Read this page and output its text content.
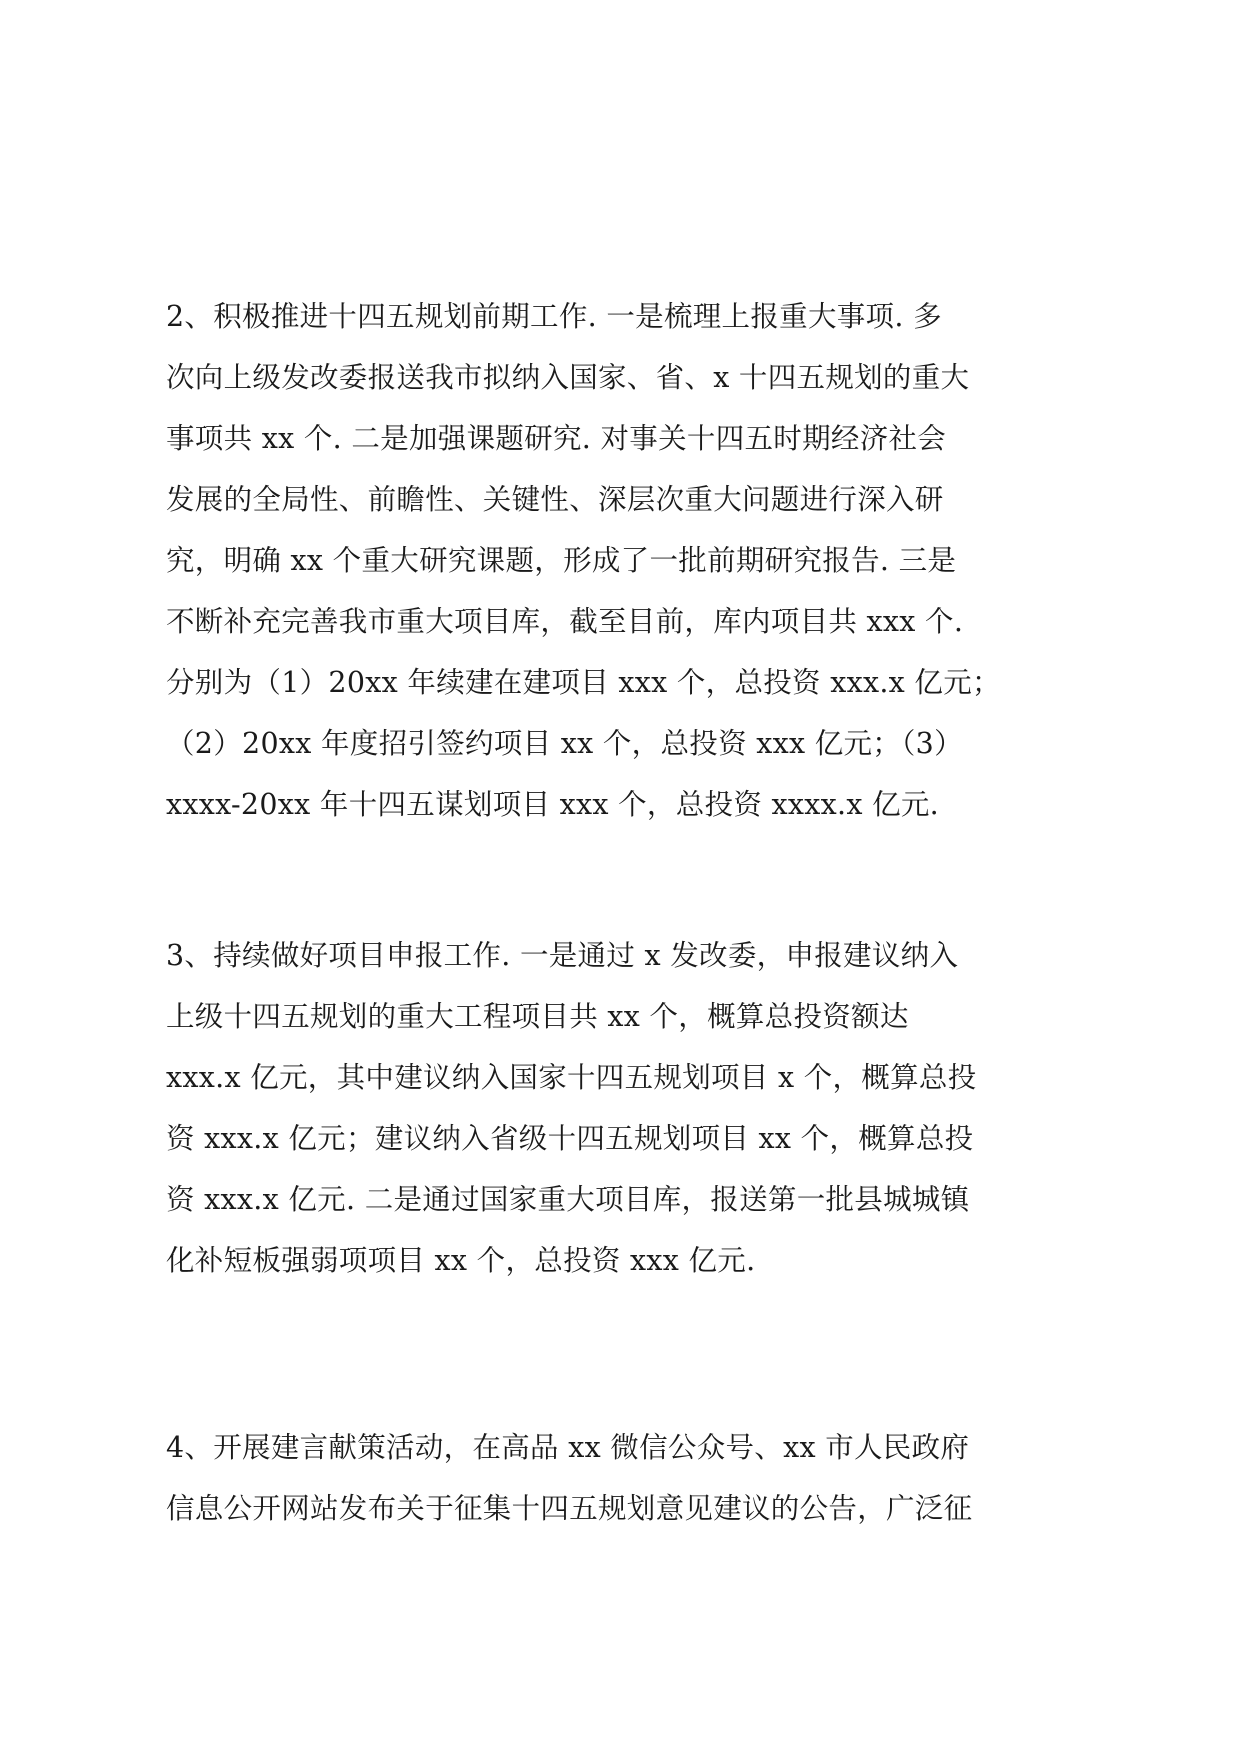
2、积极推进十四五规划前期工作. 一是梳理上报重大事项. 多
次向上级发改委报送我市拟纳入国家、省、x 十四五规划的重大
事项共 xx 个. 二是加强课题研究. 对事关十四五时期经济社会
发展的全局性、前瞻性、关键性、深层次重大问题进行深入研
究，明确 xx 个重大研究课题，形成了一批前期研究报告. 三是
不断补充完善我市重大项目库，截至目前，库内项目共 xxx 个.
分别为（1）20xx 年续建在建项目 xxx 个，总投资 xxx.x 亿元；
（2）20xx 年度招引签约项目 xx 个，总投资 xxx 亿元；（3）
xxxx-20xx 年十四五谋划项目 xxx 个，总投资 xxxx.x 亿元.
3、持续做好项目申报工作. 一是通过 x 发改委，申报建议纳入
上级十四五规划的重大工程项目共 xx 个，概算总投资额达
xxx.x 亿元，其中建议纳入国家十四五规划项目 x 个，概算总投
资 xxx.x 亿元；建议纳入省级十四五规划项目 xx 个，概算总投
资 xxx.x 亿元. 二是通过国家重大项目库，报送第一批县城城镇
化补短板强弱项项目 xx 个，总投资 xxx 亿元.
4、开展建言献策活动，在高品 xx 微信公众号、xx 市人民政府
信息公开网站发布关于征集十四五规划意见建议的公告，广泛征
